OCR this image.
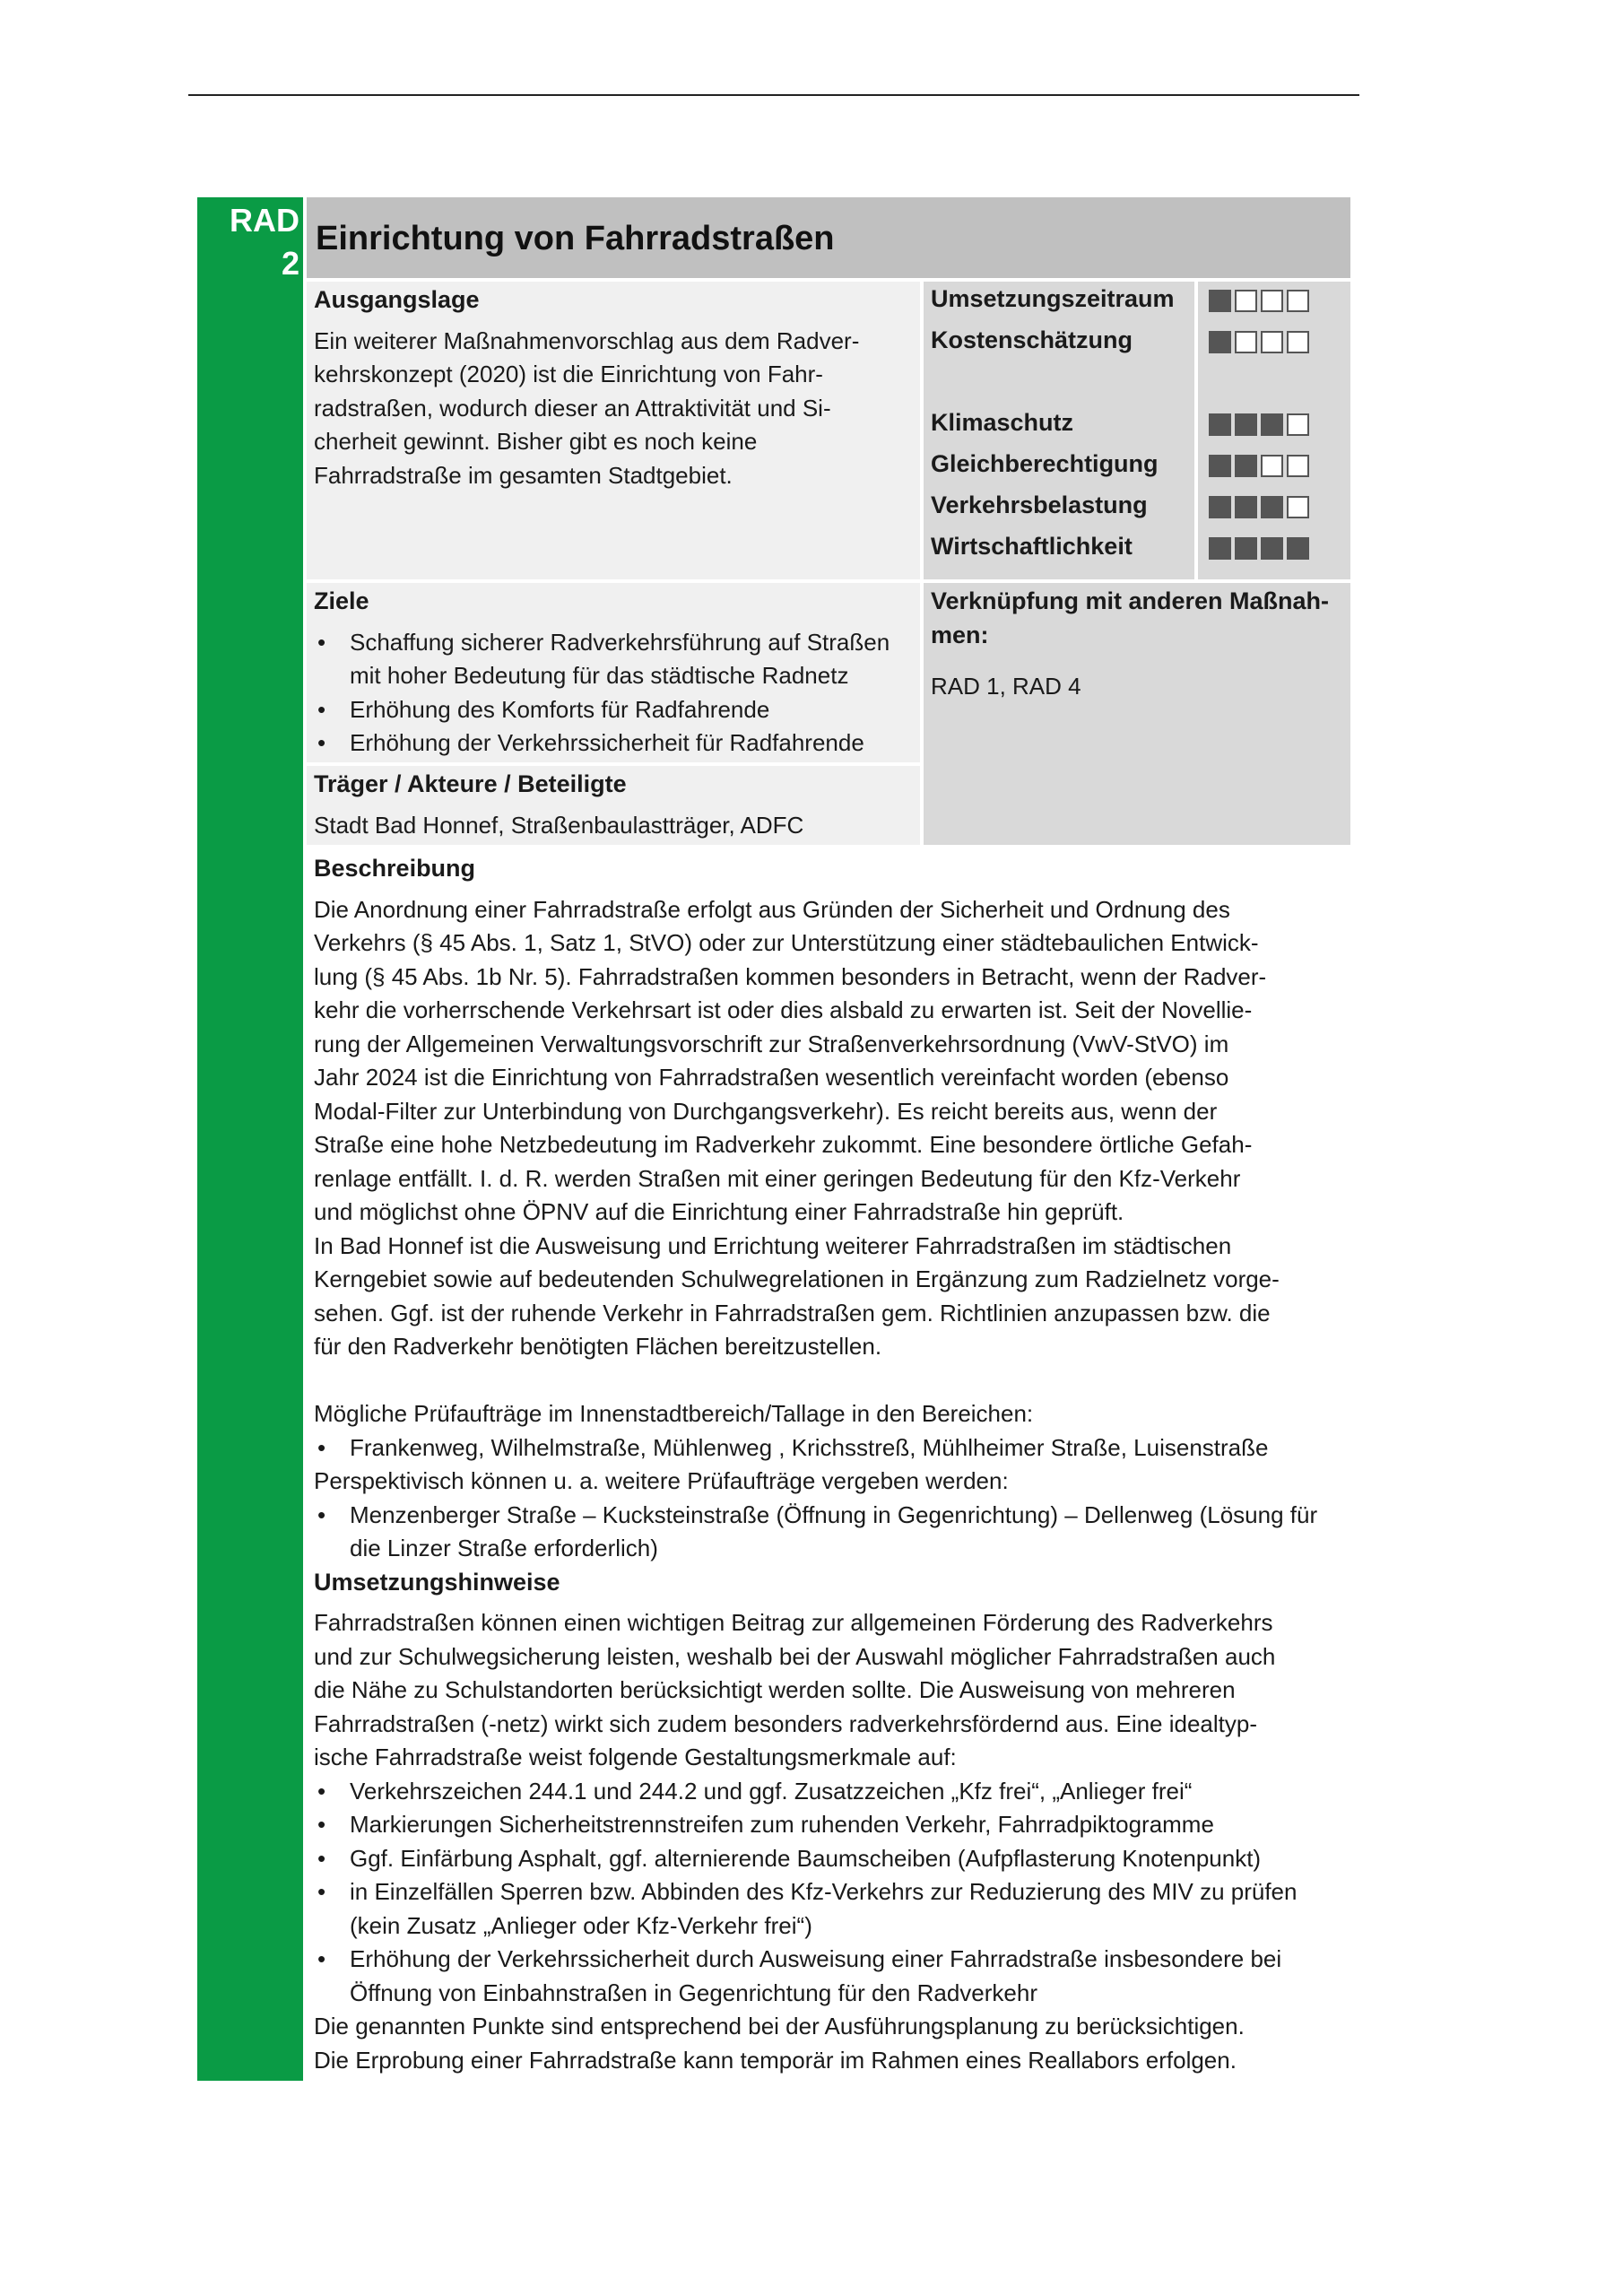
RAD 2
Einrichtung von Fahrradstraßen
Ausgangslage

Ein weiterer Maßnahmenvorschlag aus dem Radver-

kehrskonzept (2020) ist die Einrichtung von Fahr-

radstraßen, wodurch dieser an Attraktivität und Si-

cherheit gewinnt. Bisher gibt es noch keine

Fahrradstraße im gesamten Stadtgebiet.

Umsetzungszeitraum
Kostenschätzung
Klimaschutz
Gleichberechtigung
Verkehrsbelastung
Wirtschaftlichkeit
Ziele
• Schaffung sicherer Radverkehrsführung auf Straßen mit hoher Bedeutung für das städtische Radnetz
• Erhöhung des Komforts für Radfahrende
• Erhöhung der Verkehrssicherheit für Radfahrende
Träger / Akteure / Beteiligte

Stadt Bad Honnef, Straßenbaulastträger, ADFC

Verknüpfung mit anderen Maßnah-men:

RAD 1, RAD 4

Beschreibung

Die Anordnung einer Fahrradstraße erfolgt aus Gründen der Sicherheit und Ordnung des

Verkehrs (§ 45 Abs. 1, Satz 1, StVO) oder zur Unterstützung einer städtebaulichen Entwick-

lung (§ 45 Abs. 1b Nr. 5). Fahrradstraßen kommen besonders in Betracht, wenn der Radver-

kehr die vorherrschende Verkehrsart ist oder dies alsbald zu erwarten ist. Seit der Novellie-

rung der Allgemeinen Verwaltungsvorschrift zur Straßenverkehrsordnung (VwV-StVO) im

Jahr 2024 ist die Einrichtung von Fahrradstraßen wesentlich vereinfacht worden (ebenso

Modal-Filter zur Unterbindung von Durchgangsverkehr). Es reicht bereits aus, wenn der

Straße eine hohe Netzbedeutung im Radverkehr zukommt. Eine besondere örtliche Gefah-

renlage entfällt. I. d. R. werden Straßen mit einer geringen Bedeutung für den Kfz-Verkehr

und möglichst ohne ÖPNV auf die Einrichtung einer Fahrradstraße hin geprüft.

In Bad Honnef ist die Ausweisung und Errichtung weiterer Fahrradstraßen im städtischen

Kerngebiet sowie auf bedeutenden Schulwegrelationen in Ergänzung zum Radzielnetz vorge-

sehen. Ggf. ist der ruhende Verkehr in Fahrradstraßen gem. Richtlinien anzupassen bzw. die

für den Radverkehr benötigten Flächen bereitzustellen.

Mögliche Prüfaufträge im Innenstadtbereich/Tallage in den Bereichen:

• Frankenweg, Wilhelmstraße, Mühlenweg , Krichsstreß, Mühlheimer Straße, Luisenstraße

Perspektivisch können u. a. weitere Prüfaufträge vergeben werden:

• Menzenberger Straße – Kucksteinstraße (Öffnung in Gegenrichtung) – Dellenweg (Lösung für die Linzer Straße erforderlich)
Umsetzungshinweise

Fahrradstraßen können einen wichtigen Beitrag zur allgemeinen Förderung des Radverkehrs

und zur Schulwegsicherung leisten, weshalb bei der Auswahl möglicher Fahrradstraßen auch

die Nähe zu Schulstandorten berücksichtigt werden sollte. Die Ausweisung von mehreren

Fahrradstraßen (-netz) wirkt sich zudem besonders radverkehrsfördernd aus. Eine idealtyp-

ische Fahrradstraße weist folgende Gestaltungsmerkmale auf:

• Verkehrszeichen 244.1 und 244.2 und ggf. Zusatzzeichen „Kfz frei“, „Anlieger frei“
• Markierungen Sicherheitstrennstreifen zum ruhenden Verkehr, Fahrradpiktogramme
• Ggf. Einfärbung Asphalt, ggf. alternierende Baumscheiben (Aufpflasterung Knotenpunkt)
• in Einzelfällen Sperren bzw. Abbinden des Kfz-Verkehrs zur Reduzierung des MIV zu prüfen (kein Zusatz „Anlieger oder Kfz-Verkehr frei“)
• Erhöhung der Verkehrssicherheit durch Ausweisung einer Fahrradstraße insbesondere bei Öffnung von Einbahnstraßen in Gegenrichtung für den Radverkehr

Die genannten Punkte sind entsprechend bei der Ausführungsplanung zu berücksichtigen.

Die Erprobung einer Fahrradstraße kann temporär im Rahmen eines Reallabors erfolgen.
